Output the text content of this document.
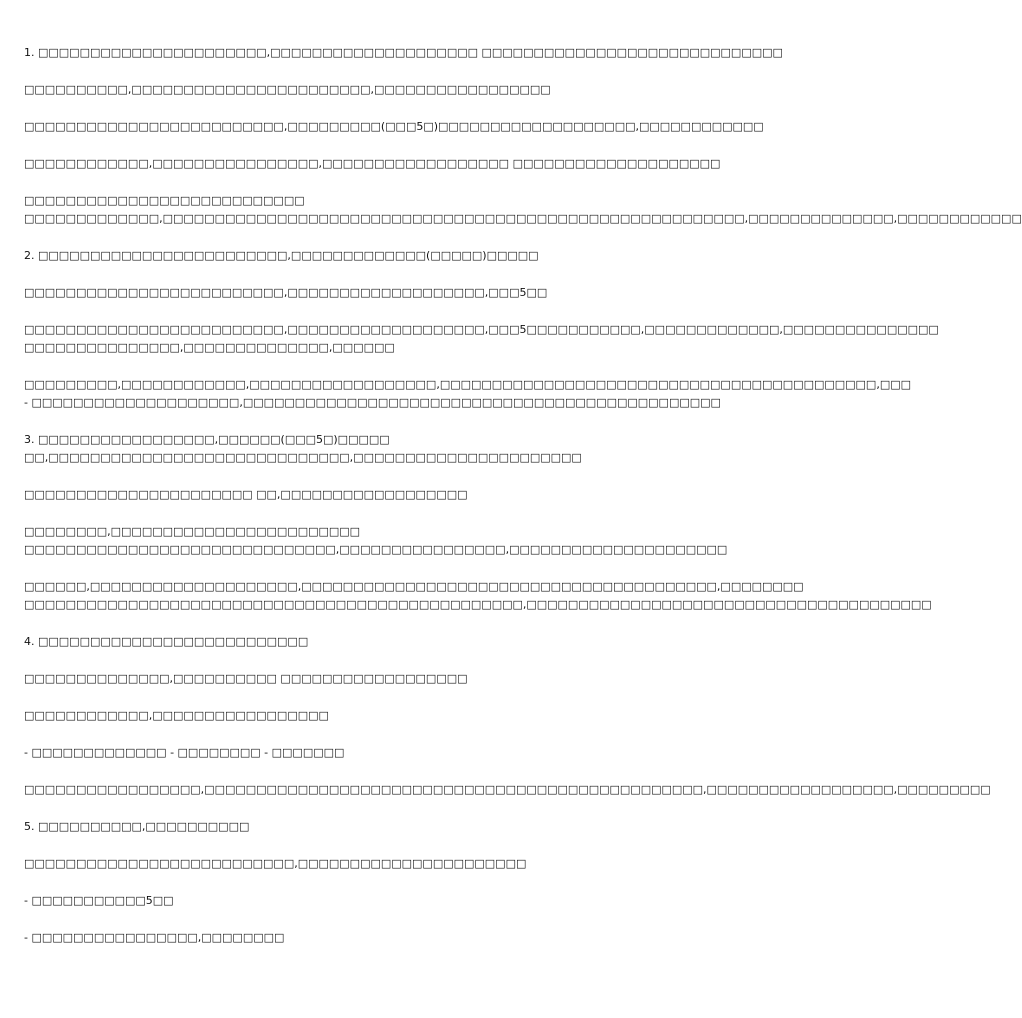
1. □□□□□□□□□□□□□□□□□□□□□□,□□□□□□□□□□□□□□□□□□□□ □□□□□□□□□□□□□□□□□□□□□□□□□□□□□

□□□□□□□□□□,□□□□□□□□□□□□□□□□□□□□□□□,□□□□□□□□□□□□□□□□□

□□□□□□□□□□□□□□□□□□□□□□□□□,□□□□□□□□□(□□□5□)□□□□□□□□□□□□□□□□□□□,□□□□□□□□□□□□

□□□□□□□□□□□□,□□□□□□□□□□□□□□□□,□□□□□□□□□□□□□□□□□□ □□□□□□□□□□□□□□□□□□□□

□□□□□□□□□□□□□□□□□□□□□□□□□□□
□□□□□□□□□□□□□,□□□□□□□□□□□□□□□□□□□□□□□□□□□□□□□□□□□□□□□□□□□□□□□□□□□□□□□□,□□□□□□□□□□□□□□,□□□□□□□□□□□□

2. □□□□□□□□□□□□□□□□□□□□□□□□,□□□□□□□□□□□□□(□□□□□)□□□□□

□□□□□□□□□□□□□□□□□□□□□□□□□,□□□□□□□□□□□□□□□□□□□,□□□5□□

□□□□□□□□□□□□□□□□□□□□□□□□□,□□□□□□□□□□□□□□□□□□□,□□□5□□□□□□□□□□□,□□□□□□□□□□□□□,□□□□□□□□□□□□□□□
□□□□□□□□□□□□□□□,□□□□□□□□□□□□□□,□□□□□□

□□□□□□□□□,□□□□□□□□□□□□,□□□□□□□□□□□□□□□□□□,□□□□□□□□□□□□□□□□□□□□□□□□□□□□□□□□□□□□□□□□□□,□□□
- □□□□□□□□□□□□□□□□□□□□,□□□□□□□□□□□□□□□□□□□□□□□□□□□□□□□□□□□□□□□□□□□□□□

3. □□□□□□□□□□□□□□□□□,□□□□□□(□□□5□)□□□□□
□□,□□□□□□□□□□□□□□□□□□□□□□□□□□□□□,□□□□□□□□□□□□□□□□□□□□□□

□□□□□□□□□□□□□□□□□□□□□□ □□,□□□□□□□□□□□□□□□□□□

□□□□□□□□,□□□□□□□□□□□□□□□□□□□□□□□□
□□□□□□□□□□□□□□□□□□□□□□□□□□□□□□,□□□□□□□□□□□□□□□□,□□□□□□□□□□□□□□□□□□□□□

□□□□□□,□□□□□□□□□□□□□□□□□□□□,□□□□□□□□□□□□□□□□□□□□□□□□□□□□□□□□□□□□□□□□,□□□□□□□□
□□□□□□□□□□□□□□□□□□□□□□□□□□□□□□□□□□□□□□□□□□□□□□□□,□□□□□□□□□□□□□□□□□□□□□□□□□□□□□□□□□□□□□□□

4. □□□□□□□□□□□□□□□□□□□□□□□□□□

□□□□□□□□□□□□□□,□□□□□□□□□□ □□□□□□□□□□□□□□□□□□

□□□□□□□□□□□□,□□□□□□□□□□□□□□□□□

- □□□□□□□□□□□□□ - □□□□□□□□ - □□□□□□□

□□□□□□□□□□□□□□□□□,□□□□□□□□□□□□□□□□□□□□□□□□□□□□□□□□□□□□□□□□□□□□□□□□,□□□□□□□□□□□□□□□□□□,□□□□□□□□□

5. □□□□□□□□□□,□□□□□□□□□□

□□□□□□□□□□□□□□□□□□□□□□□□□□,□□□□□□□□□□□□□□□□□□□□□□

- □□□□□□□□□□□5□□

- □□□□□□□□□□□□□□□□,□□□□□□□□
